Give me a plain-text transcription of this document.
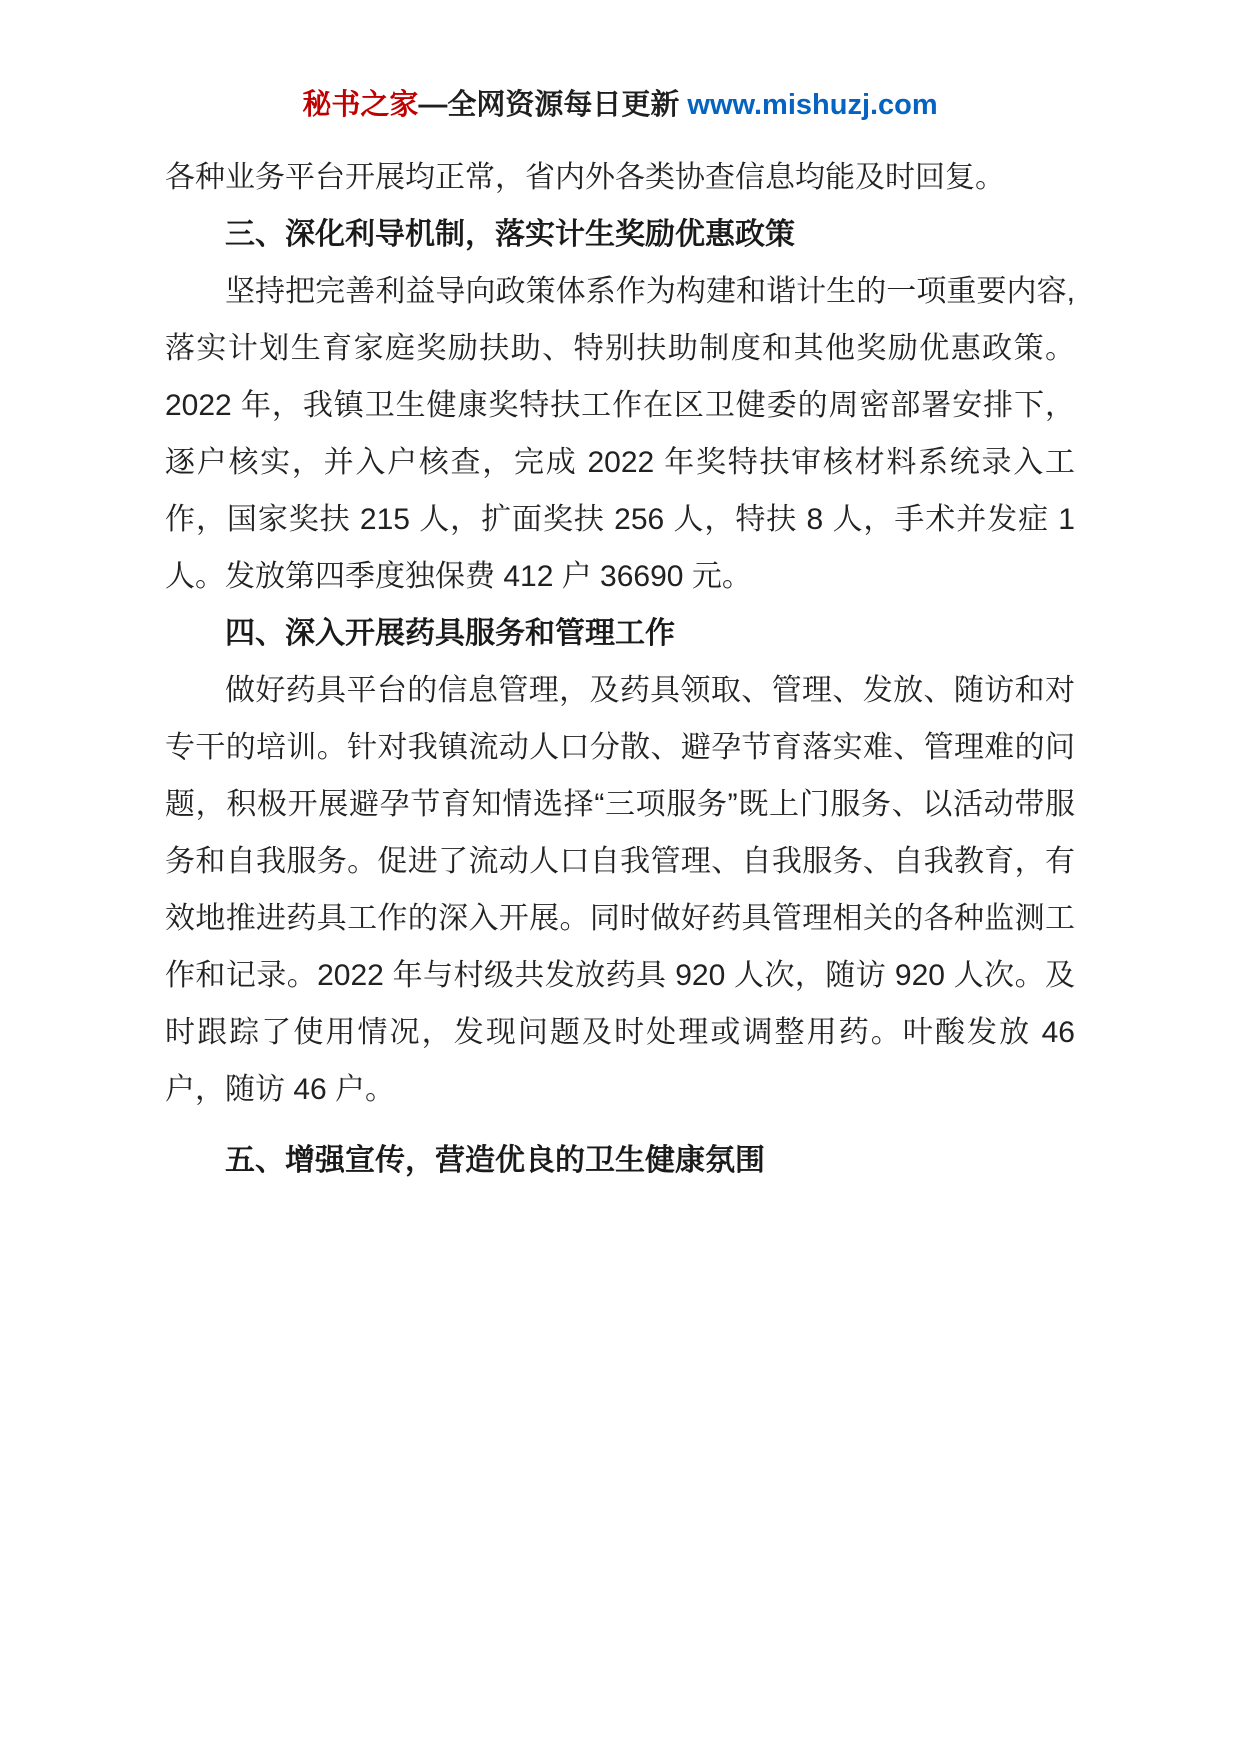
秘书之家—全网资源每日更新 www.mishuzj.com

各种业务平台开展均正常，省内外各类协查信息均能及时回复。

三、深化利导机制，落实计生奖励优惠政策

坚持把完善利益导向政策体系作为构建和谐计生的一项重要内容,落实计划生育家庭奖励扶助、特别扶助制度和其他奖励优惠政策。2022 年，我镇卫生健康奖特扶工作在区卫健委的周密部署安排下，逐户核实，并入户核查，完成 2022 年奖特扶审核材料系统录入工作，国家奖扶 215 人，扩面奖扶 256 人，特扶 8 人，手术并发症 1 人。发放第四季度独保费 412 户 36690 元。

四、深入开展药具服务和管理工作

做好药具平台的信息管理，及药具领取、管理、发放、随访和对专干的培训。针对我镇流动人口分散、避孕节育落实难、管理难的问题，积极开展避孕节育知情选择“三项服务”既上门服务、以活动带服务和自我服务。促进了流动人口自我管理、自我服务、自我教育，有效地推进药具工作的深入开展。同时做好药具管理相关的各种监测工作和记录。2022 年与村级共发放药具 920 人次，随访 920 人次。及时跟踪了使用情况，发现问题及时处理或调整用药。叶酸发放 46 户，随访 46 户。

五、增强宣传，营造优良的卫生健康氛围
